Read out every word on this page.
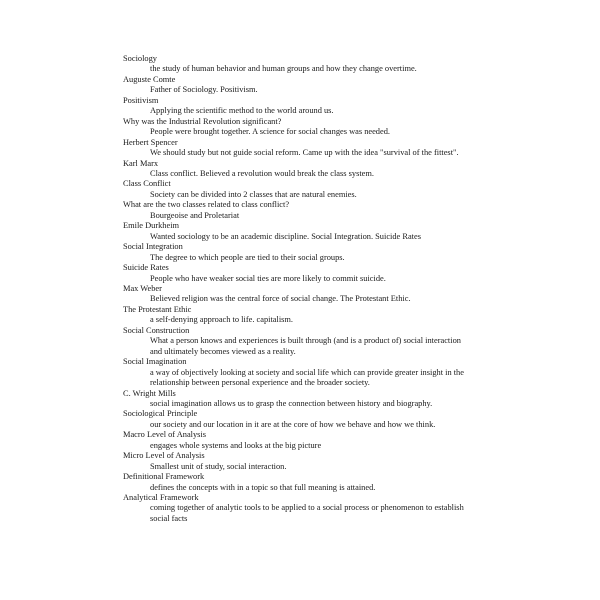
Sociology

the study of human behavior and human groups and how they change overtime.

Auguste Comte

Father of Sociology. Positivism.

Positivism

Applying the scientific method to the world around us.

Why was the Industrial Revolution significant?

People were brought together. A science for social changes was needed.

Herbert Spencer

We should study but not guide social reform. Came up with the idea "survival of the fittest".

Karl Marx

Class conflict. Believed a revolution would break the class system.

Class Conflict

Society can be divided into 2 classes that are natural enemies.

What are the two classes related to class conflict?

Bourgeoise and Proletariat

Emile Durkheim

Wanted sociology to be an academic discipline. Social Integration. Suicide Rates

Social Integration

The degree to which people are tied to their social groups.

Suicide Rates

People who have weaker social ties are more likely to commit suicide.

Max Weber

Believed religion was the central force of social change. The Protestant Ethic.

The Protestant Ethic

a self-denying approach to life. capitalism.

Social Construction

What a person knows and experiences is built through (and is a product of) social interaction and ultimately becomes viewed as a reality.

Social Imagination

a way of objectively looking at society and social life which can provide greater insight in the relationship between personal experience and the broader society.

C. Wright Mills

social imagination allows us to grasp the connection between history and biography.

Sociological Principle

our society and our location in it are at the core of how we behave and how we think.

Macro Level of Analysis

engages whole systems and looks at the big picture

Micro Level of Analysis

Smallest unit of study, social interaction.

Definitional Framework

defines the concepts with in a topic so that full meaning is attained.

Analytical Framework

coming together of analytic tools to be applied to a social process or phenomenon to establish social facts
